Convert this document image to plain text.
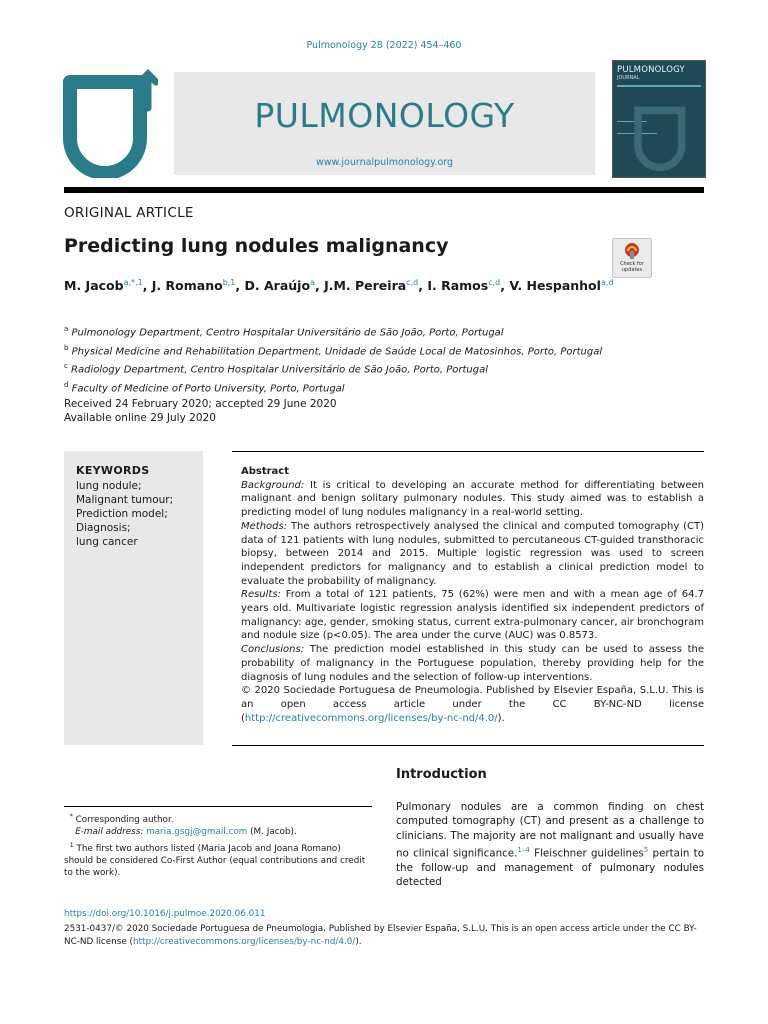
Pulmonology 28 (2022) 454–460
PULMONOLOGY
www.journalpulmonology.org
PULMONOLOGY
JOURNAL
ORIGINAL ARTICLE
Predicting lung nodules malignancy
Check for updates
M. Jacob$^{a,*,1}$, J. Romano$^{b,1}$, D. Araújo$^a$, J.M. Pereira$^{c,d}$, I. Ramos$^{c,d}$, V. Hespanhol$^{a,d}$
$^a$ Pulmonology Department, Centro Hospitalar Universitário de São João, Porto, Portugal
$^b$ Physical Medicine and Rehabilitation Department, Unidade de Saúde Local de Matosinhos, Porto, Portugal
$^c$ Radiology Department, Centro Hospitalar Universitário de São João, Porto, Portugal
$^d$ Faculty of Medicine of Porto University, Porto, Portugal
Received 24 February 2020; accepted 29 June 2020
Available online 29 July 2020
KEYWORDS
lung nodule;
Malignant tumour;
Prediction model;
Diagnosis;
lung cancer
Abstract
Background: It is critical to developing an accurate method for differentiating between malignant and benign solitary pulmonary nodules. This study aimed was to establish a predicting model of lung nodules malignancy in a real-world setting.
Methods: The authors retrospectively analysed the clinical and computed tomography (CT) data of 121 patients with lung nodules, submitted to percutaneous CT-guided transthoracic biopsy, between 2014 and 2015. Multiple logistic regression was used to screen independent predictors for malignancy and to establish a clinical prediction model to evaluate the probability of malignancy.
Results: From a total of 121 patients, 75 (62%) were men and with a mean age of 64.7 years old. Multivariate logistic regression analysis identified six independent predictors of malignancy: age, gender, smoking status, current extra-pulmonary cancer, air bronchogram and nodule size (p<0.05). The area under the curve (AUC) was 0.8573.
Conclusions: The prediction model established in this study can be used to assess the probability of malignancy in the Portuguese population, thereby providing help for the diagnosis of lung nodules and the selection of follow-up interventions.
© 2020 Sociedade Portuguesa de Pneumologia. Published by Elsevier España, S.L.U. This is an open access article under the CC BY-NC-ND license (http://creativecommons.org/licenses/by-nc-nd/4.0/).
Introduction
Pulmonary nodules are a common finding on chest computed tomography (CT) and present as a challenge to clinicians. The majority are not malignant and usually have no clinical significance.$^{1-4}$ Fleischner guidelines$^5$ pertain to the follow-up and management of pulmonary nodules detected
* Corresponding author.
E-mail address: maria.gsgj@gmail.com (M. Jacob).
$^1$ The first two authors listed (Maria Jacob and Joana Romano) should be considered Co-First Author (equal contributions and credit to the work).
https://doi.org/10.1016/j.pulmoe.2020.06.011
2531-0437/© 2020 Sociedade Portuguesa de Pneumologia. Published by Elsevier España, S.L.U. This is an open access article under the CC BY-NC-ND license (http://creativecommons.org/licenses/by-nc-nd/4.0/).
